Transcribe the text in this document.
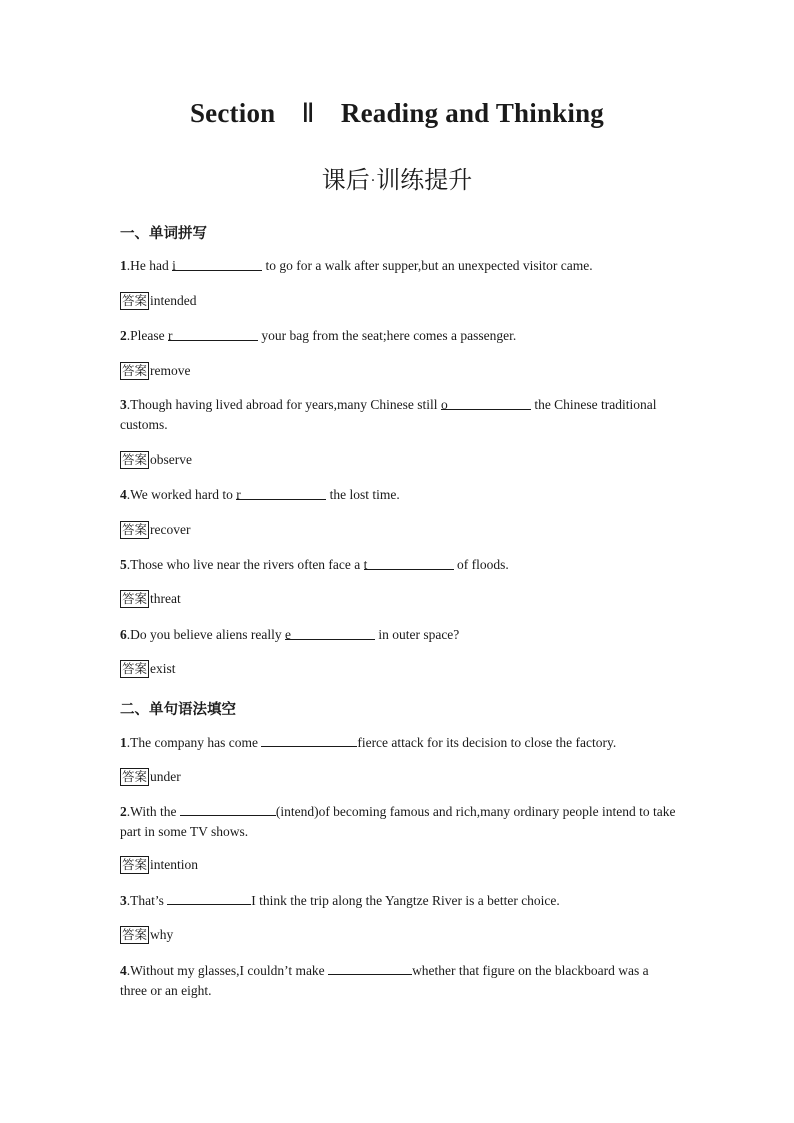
Section Ⅱ Reading and Thinking
课后·训练提升
一、单词拼写
1.He had i	to go for a walk after supper,but an unexpected visitor came.
答案 intended
2.Please r	your bag from the seat;here comes a passenger.
答案 remove
3.Though having lived abroad for years,many Chinese still o	the Chinese traditional customs.
答案 observe
4.We worked hard to r	the lost time.
答案 recover
5.Those who live near the rivers often face a t	of floods.
答案 threat
6.Do you believe aliens really e	in outer space?
答案 exist
二、单句语法填空
1.The company has come	fierce attack for its decision to close the factory.
答案 under
2.With the	(intend)of becoming famous and rich,many ordinary people intend to take part in some TV shows.
答案 intention
3.That’s	I think the trip along the Yangtze River is a better choice.
答案 why
4.Without my glasses,I couldn’t make	whether that figure on the blackboard was a three or an eight.
